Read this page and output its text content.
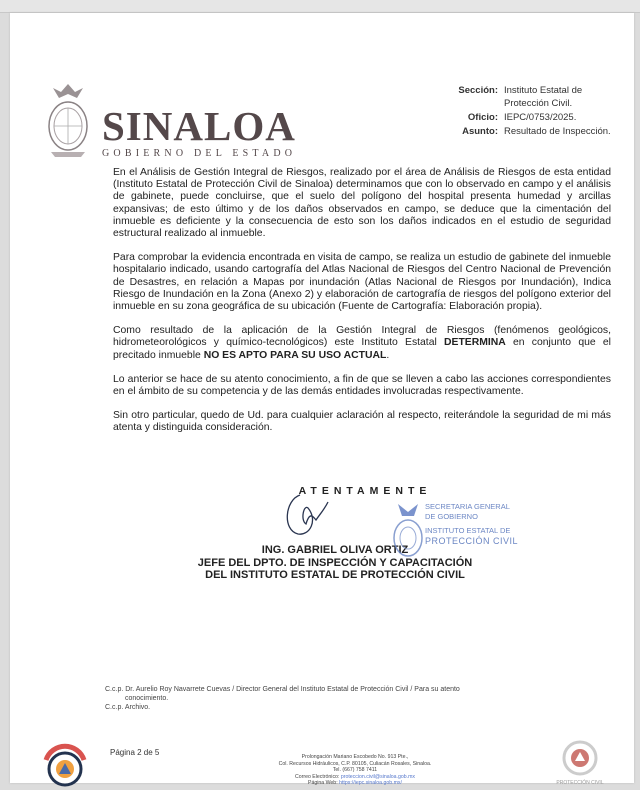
SINALOA
GOBIERNO DEL ESTADO
Sección: Instituto Estatal de Protección Civil.
Oficio: IEPC/0753/2025.
Asunto: Resultado de Inspección.

En el Análisis de Gestión Integral de Riesgos, realizado por el área de Análisis de Riesgos de esta entidad (Instituto Estatal de Protección Civil de Sinaloa) determinamos que con lo observado en campo y el análisis de gabinete, puede concluirse, que el suelo del polígono del hospital presenta humedad y arcillas expansivas; de esto último y de los daños observados en campo, se deduce que la cimentación del inmueble es deficiente y la consecuencia de esto son los daños indicados en el estudio de seguridad estructural realizado al inmueble.

Para comprobar la evidencia encontrada en visita de campo, se realiza un estudio de gabinete del inmueble hospitalario indicado, usando cartografía del Atlas Nacional de Riesgos del Centro Nacional de Prevención de Desastres, en relación a Mapas por inundación (Atlas Nacional de Riesgos por Inundación), Indica Riesgo de Inundación en la Zona (Anexo 2) y elaboración de cartografía de riesgos del polígono exterior del inmueble en su zona geográfica de su ubicación (Fuente de Cartografía: Elaboración propia).

Como resultado de la aplicación de la Gestión Integral de Riesgos (fenómenos geológicos, hidrometeorológicos y químico-tecnológicos) este Instituto Estatal DETERMINA en conjunto que el precitado inmueble NO ES APTO PARA SU USO ACTUAL.

Lo anterior se hace de su atento conocimiento, a fin de que se lleven a cabo las acciones correspondientes en el ámbito de su competencia y de las demás entidades involucradas respectivamente.

Sin otro particular, quedo de Ud. para cualquier aclaración al respecto, reiterándole la seguridad de mi más atenta y distinguida consideración.

ATENTAMENTE
ING. GABRIEL OLIVA ORTIZ
JEFE DEL DPTO. DE INSPECCIÓN Y CAPACITACIÓN
DEL INSTITUTO ESTATAL DE PROTECCIÓN CIVIL
SECRETARIA GENERAL
DE GOBIERNO
INSTITUTO ESTATAL DE
PROTECCIÓN CIVIL
C.c.p. Dr. Aurelio Roy Navarrete Cuevas / Director General del Instituto Estatal de Protección Civil / Para su atento
conocimiento.
C.c.p. Archivo.
Página 2 de 5	Prolongación Mariano Escobedo No. 913 Pte.,
Col. Recursos Hidráulicos, C.P. 80105, Culiacán Rosales, Sinaloa.
Tel. (667) 758 7411
Correo Electrónico: proteccion.civil@sinaloa.gob.mx
Página Web: https://iepc.sinaloa.gob.mx/	PROTECCIÓN CIVIL
